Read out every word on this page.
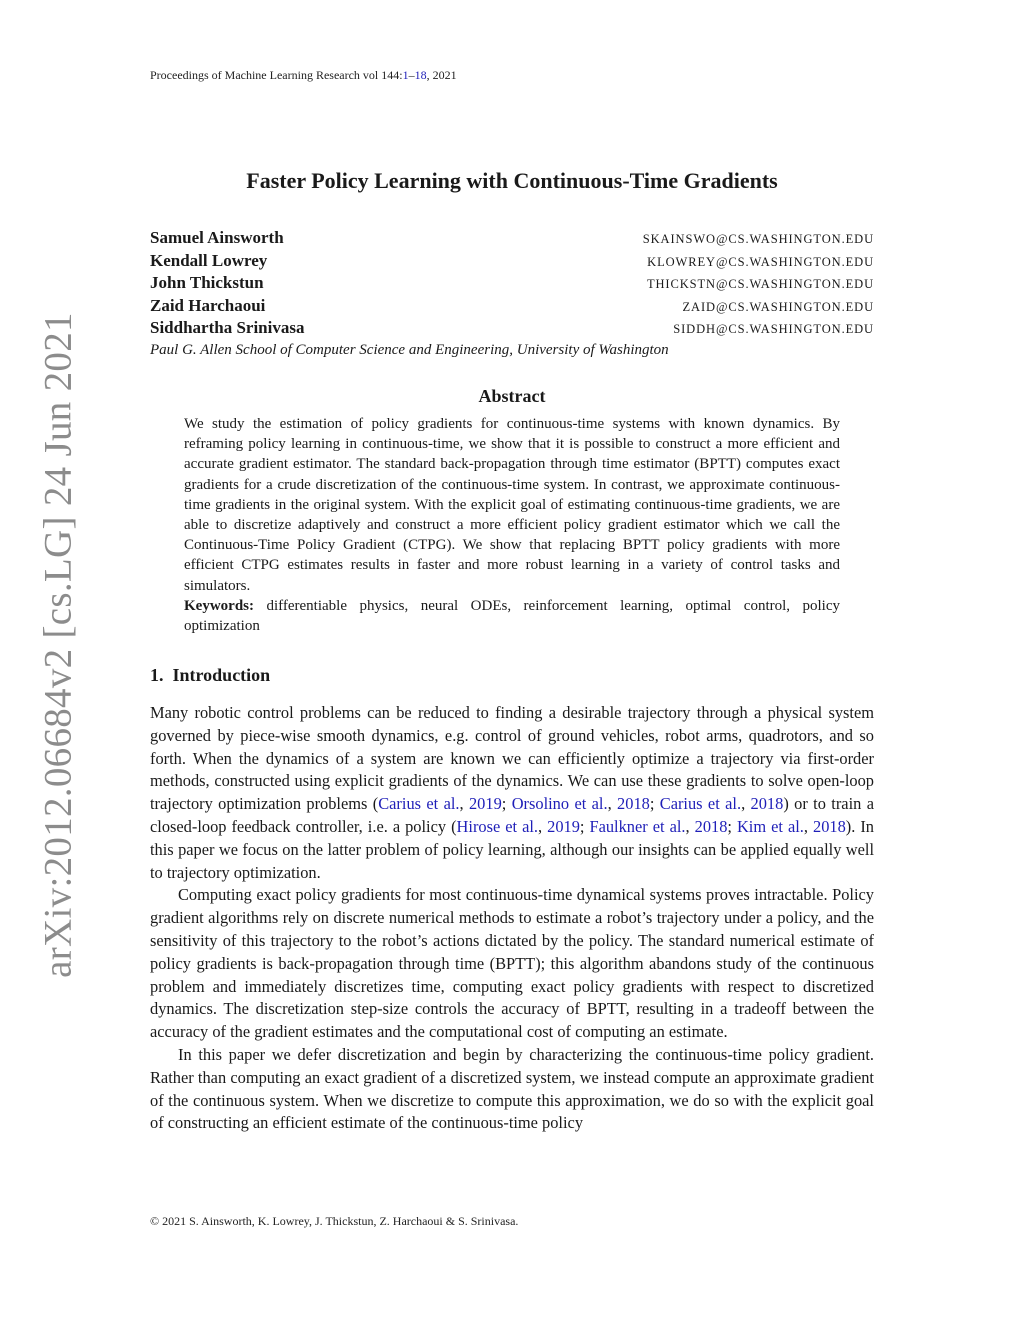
arXiv:2012.06684v2 [cs.LG] 24 Jun 2021
Proceedings of Machine Learning Research vol 144:1–18, 2021
Faster Policy Learning with Continuous-Time Gradients
Samuel Ainsworth	SKAINSWO@CS.WASHINGTON.EDU
Kendall Lowrey	KLOWREY@CS.WASHINGTON.EDU
John Thickstun	THICKSTN@CS.WASHINGTON.EDU
Zaid Harchaoui	ZAID@CS.WASHINGTON.EDU
Siddhartha Srinivasa	SIDDH@CS.WASHINGTON.EDU
Paul G. Allen School of Computer Science and Engineering, University of Washington
Abstract

We study the estimation of policy gradients for continuous-time systems with known dynamics. By reframing policy learning in continuous-time, we show that it is possible to construct a more efficient and accurate gradient estimator. The standard back-propagation through time estimator (BPTT) computes exact gradients for a crude discretization of the continuous-time system. In contrast, we approximate continuous-time gradients in the original system. With the explicit goal of estimating continuous-time gradients, we are able to discretize adaptively and construct a more efficient policy gradient estimator which we call the Continuous-Time Policy Gradient (CTPG). We show that replacing BPTT policy gradients with more efficient CTPG estimates results in faster and more robust learning in a variety of control tasks and simulators.

Keywords: differentiable physics, neural ODEs, reinforcement learning, optimal control, policy optimization

1. Introduction

Many robotic control problems can be reduced to finding a desirable trajectory through a physical system governed by piece-wise smooth dynamics, e.g. control of ground vehicles, robot arms, quadrotors, and so forth. When the dynamics of a system are known we can efficiently optimize a trajectory via first-order methods, constructed using explicit gradients of the dynamics. We can use these gradients to solve open-loop trajectory optimization problems (Carius et al., 2019; Orsolino et al., 2018; Carius et al., 2018) or to train a closed-loop feedback controller, i.e. a policy (Hirose et al., 2019; Faulkner et al., 2018; Kim et al., 2018). In this paper we focus on the latter problem of policy learning, although our insights can be applied equally well to trajectory optimization.

Computing exact policy gradients for most continuous-time dynamical systems proves intractable. Policy gradient algorithms rely on discrete numerical methods to estimate a robot’s trajectory under a policy, and the sensitivity of this trajectory to the robot’s actions dictated by the policy. The standard numerical estimate of policy gradients is back-propagation through time (BPTT); this algorithm abandons study of the continuous problem and immediately discretizes time, computing exact policy gradients with respect to discretized dynamics. The discretization step-size controls the accuracy of BPTT, resulting in a tradeoff between the accuracy of the gradient estimates and the computational cost of computing an estimate.

In this paper we defer discretization and begin by characterizing the continuous-time policy gradient. Rather than computing an exact gradient of a discretized system, we instead compute an approximate gradient of the continuous system. When we discretize to compute this approximation, we do so with the explicit goal of constructing an efficient estimate of the continuous-time policy

© 2021 S. Ainsworth, K. Lowrey, J. Thickstun, Z. Harchaoui & S. Srinivasa.
